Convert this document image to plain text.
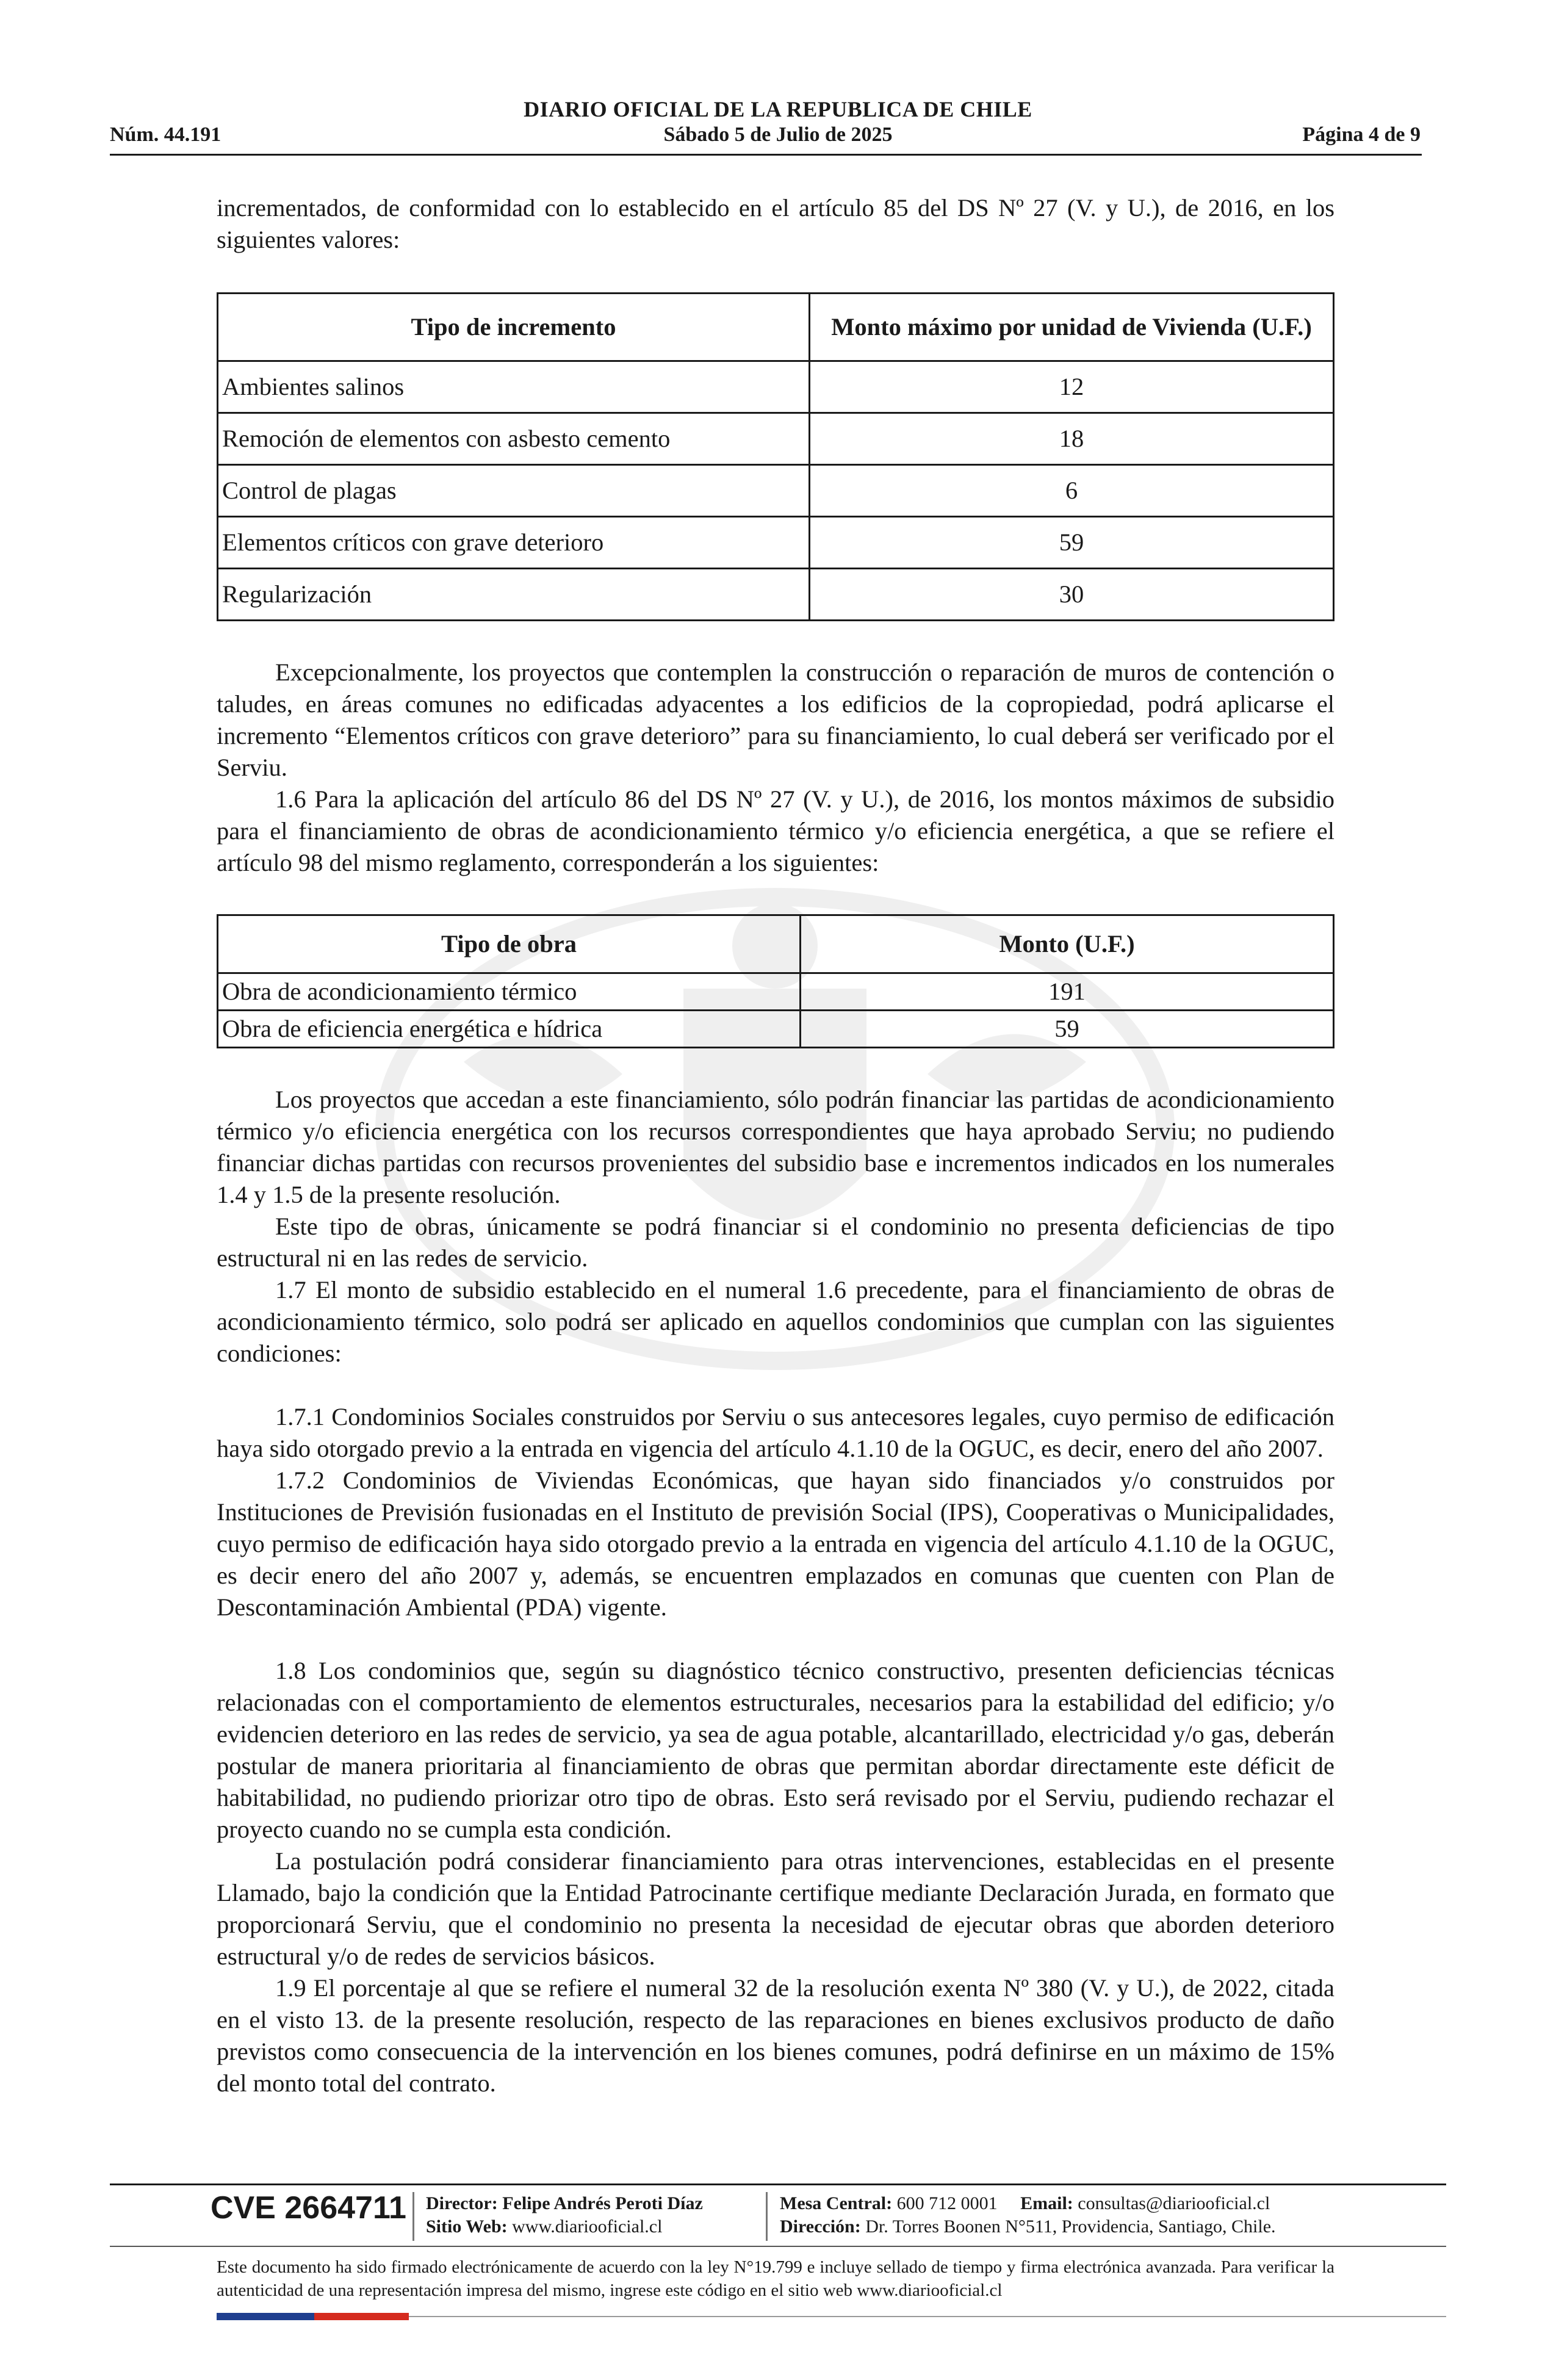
DIARIO OFICIAL DE LA REPUBLICA DE CHILE
Núm. 44.191	Sábado 5 de Julio de 2025	Página 4 de 9

incrementados, de conformidad con lo establecido en el artículo 85 del DS Nº 27 (V. y U.), de 2016, en los siguientes valores:

Tipo de incremento	Monto máximo por unidad de Vivienda (U.F.)
Ambientes salinos	12
Remoción de elementos con asbesto cemento	18
Control de plagas	6
Elementos críticos con grave deterioro	59
Regularización	30

Excepcionalmente, los proyectos que contemplen la construcción o reparación de muros de contención o taludes, en áreas comunes no edificadas adyacentes a los edificios de la copropiedad, podrá aplicarse el incremento “Elementos críticos con grave deterioro” para su financiamiento, lo cual deberá ser verificado por el Serviu.

1.6 Para la aplicación del artículo 86 del DS Nº 27 (V. y U.), de 2016, los montos máximos de subsidio para el financiamiento de obras de acondicionamiento térmico y/o eficiencia energética, a que se refiere el artículo 98 del mismo reglamento, corresponderán a los siguientes:

Tipo de obra	Monto (U.F.)
Obra de acondicionamiento térmico	191
Obra de eficiencia energética e hídrica	59

Los proyectos que accedan a este financiamiento, sólo podrán financiar las partidas de acondicionamiento térmico y/o eficiencia energética con los recursos correspondientes que haya aprobado Serviu; no pudiendo financiar dichas partidas con recursos provenientes del subsidio base e incrementos indicados en los numerales 1.4 y 1.5 de la presente resolución.

Este tipo de obras, únicamente se podrá financiar si el condominio no presenta deficiencias de tipo estructural ni en las redes de servicio.

1.7 El monto de subsidio establecido en el numeral 1.6 precedente, para el financiamiento de obras de acondicionamiento térmico, solo podrá ser aplicado en aquellos condominios que cumplan con las siguientes condiciones:

1.7.1 Condominios Sociales construidos por Serviu o sus antecesores legales, cuyo permiso de edificación haya sido otorgado previo a la entrada en vigencia del artículo 4.1.10 de la OGUC, es decir, enero del año 2007.

1.7.2 Condominios de Viviendas Económicas, que hayan sido financiados y/o construidos por Instituciones de Previsión fusionadas en el Instituto de previsión Social (IPS), Cooperativas o Municipalidades, cuyo permiso de edificación haya sido otorgado previo a la entrada en vigencia del artículo 4.1.10 de la OGUC, es decir enero del año 2007 y, además, se encuentren emplazados en comunas que cuenten con Plan de Descontaminación Ambiental (PDA) vigente.

1.8 Los condominios que, según su diagnóstico técnico constructivo, presenten deficiencias técnicas relacionadas con el comportamiento de elementos estructurales, necesarios para la estabilidad del edificio; y/o evidencien deterioro en las redes de servicio, ya sea de agua potable, alcantarillado, electricidad y/o gas, deberán postular de manera prioritaria al financiamiento de obras que permitan abordar directamente este déficit de habitabilidad, no pudiendo priorizar otro tipo de obras. Esto será revisado por el Serviu, pudiendo rechazar el proyecto cuando no se cumpla esta condición.

La postulación podrá considerar financiamiento para otras intervenciones, establecidas en el presente Llamado, bajo la condición que la Entidad Patrocinante certifique mediante Declaración Jurada, en formato que proporcionará Serviu, que el condominio no presenta la necesidad de ejecutar obras que aborden deterioro estructural y/o de redes de servicios básicos.

1.9 El porcentaje al que se refiere el numeral 32 de la resolución exenta Nº 380 (V. y U.), de 2022, citada en el visto 13. de la presente resolución, respecto de las reparaciones en bienes exclusivos producto de daño previstos como consecuencia de la intervención en los bienes comunes, podrá definirse en un máximo de 15% del monto total del contrato.

CVE 2664711 Director: Felipe Andrés Peroti Díaz
Sitio Web: www.diariooficial.cl
Mesa Central: 600 712 0001 Email: consultas@diariooficial.cl
Dirección: Dr. Torres Boonen N°511, Providencia, Santiago, Chile.
Este documento ha sido firmado electrónicamente de acuerdo con la ley N°19.799 e incluye sellado de tiempo y firma electrónica avanzada. Para verificar la autenticidad de una representación impresa del mismo, ingrese este código en el sitio web www.diariooficial.cl
